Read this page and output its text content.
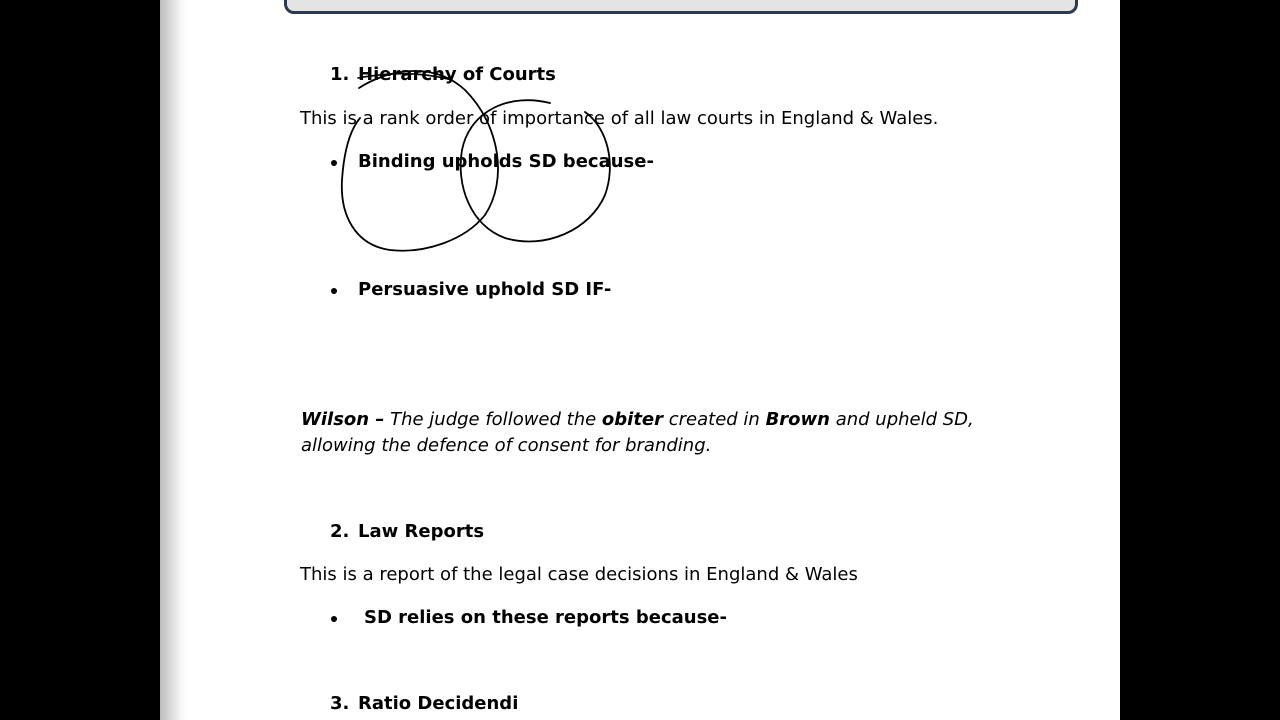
1. Hierarchy of Courts
This is a rank order of importance of all law courts in England & Wales.
Binding upholds SD because-
Persuasive uphold SD IF-
Wilson – The judge followed the obiter created in Brown and upheld SD, allowing the defence of consent for branding.
2. Law Reports
This is a report of the legal case decisions in England & Wales
SD relies on these reports because-
3. Ratio Decidendi
